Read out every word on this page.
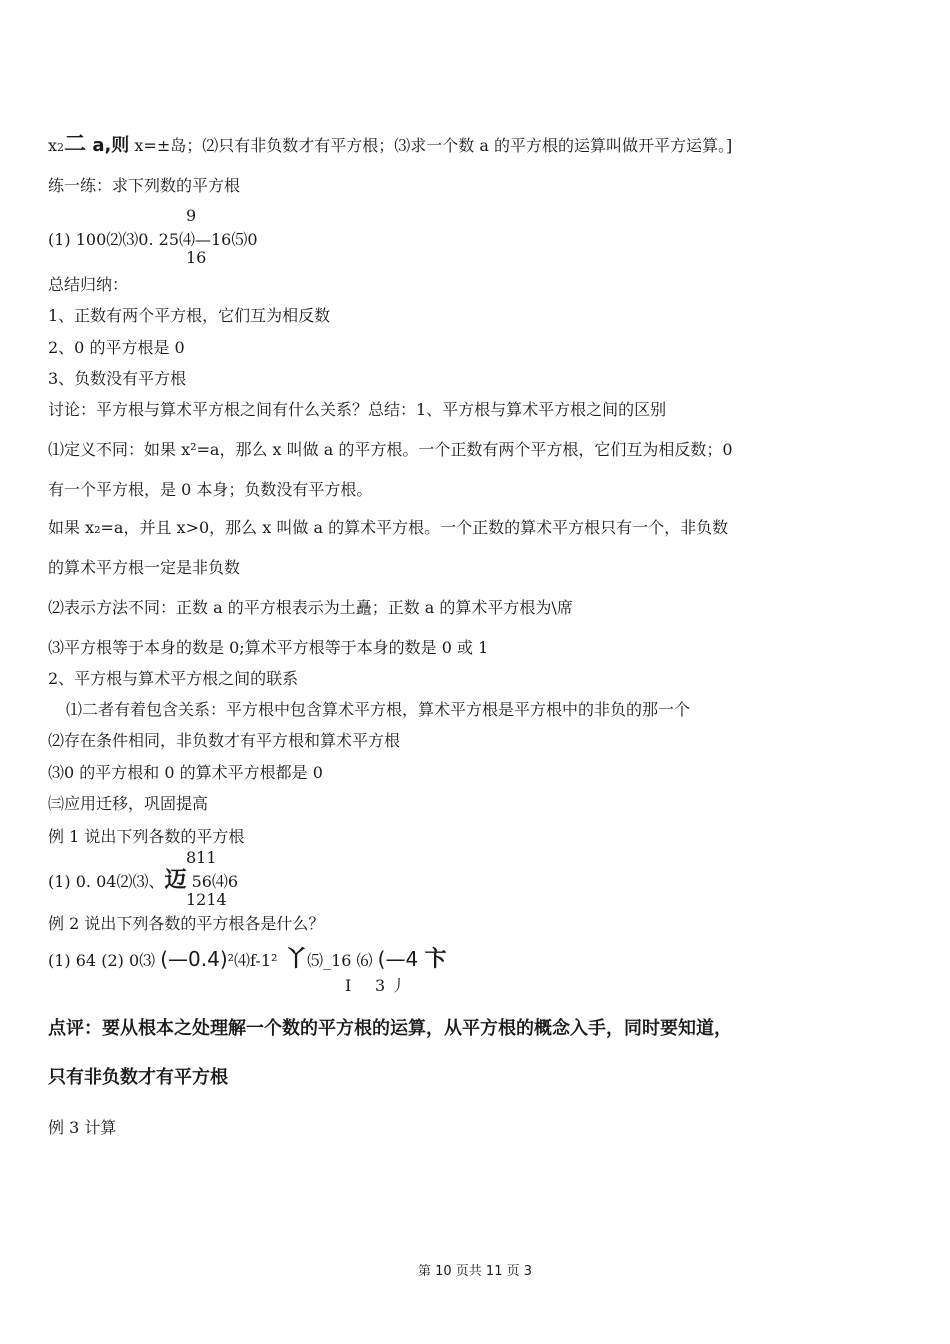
x2二 a,则 x=±岛；⑵只有非负数才有平方根；⑶求一个数 a 的平方根的运算叫做开平方运算。]
练一练：求下列数的平方根
9
(1) 100⑵⑶0. 25⑷—16⑸0
16
总结归纳：
1、正数有两个平方根，它们互为相反数
2、0 的平方根是 0
3、负数没有平方根
讨论：平方根与算术平方根之间有什么关系？总结：1、平方根与算术平方根之间的区别
⑴定义不同：如果 x²=a，那么 x 叫做 a 的平方根。一个正数有两个平方根，它们互为相反数；0
有一个平方根，是 0 本身；负数没有平方根。
如果 x₂=a，并且 x>0，那么 x 叫做 a 的算术平方根。一个正数的算术平方根只有一个，非负数
的算术平方根一定是非负数
⑵表示方法不同：正数 a 的平方根表示为土矗；正数 a 的算术平方根为\席
⑶平方根等于本身的数是 0;算术平方根等于本身的数是 0 或 1
2、平方根与算术平方根之间的联系
⑴二者有着包含关系：平方根中包含算术平方根，算术平方根是平方根中的非负的那一个
⑵存在条件相同，非负数才有平方根和算术平方根
⑶0 的平方根和 0 的算术平方根都是 0
㈢应用迁移，巩固提高
例 1 说出下列各数的平方根
811
(1) 0. 04⑵⑶、迈 56⑷6
1214
例 2 说出下列各数的平方根各是什么？
(1) 64 (2) 0⑶ (—0.4)²⑷f-1² 丫⑸_16 ⑹ (—4 卞
I 3 丿
点评：要从根本之处理解一个数的平方根的运算，从平方根的概念入手，同时要知道，
只有非负数才有平方根
例 3 计算
第 10 页共 11 页 3
